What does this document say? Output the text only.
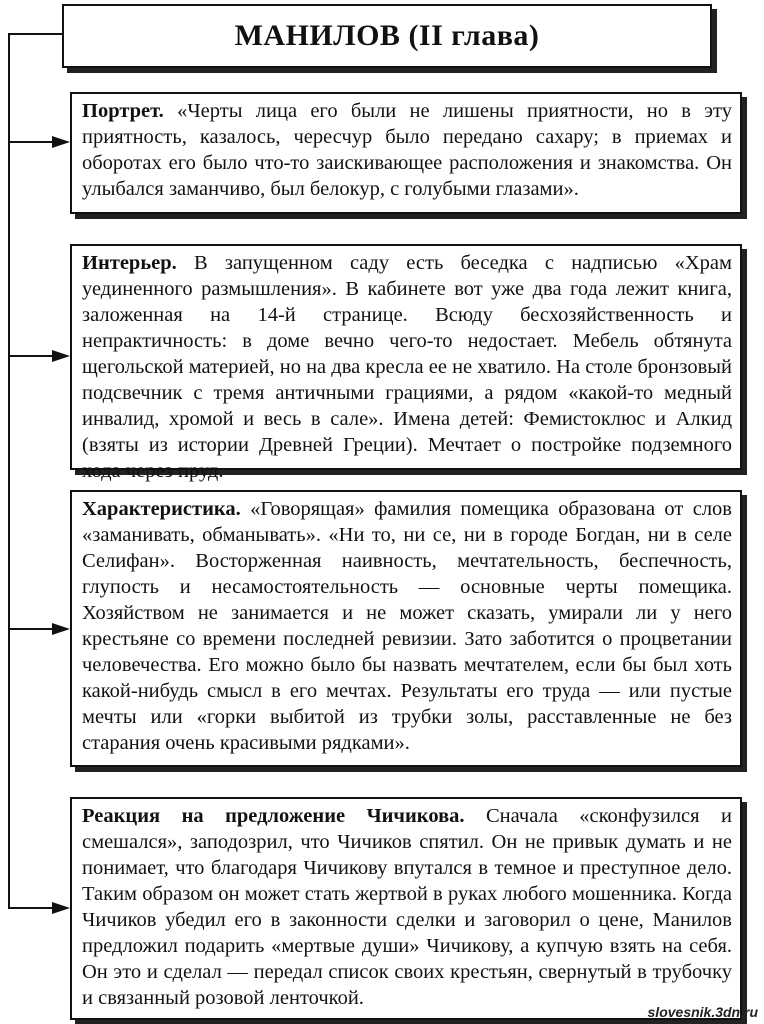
МАНИЛОВ (II глава)
Портрет. «Черты лица его были не лишены приятности, но в эту приятность, казалось, чересчур было передано сахару; в приемах и оборотах его было что-то заискивающее расположения и знакомства. Он улыбался заманчиво, был белокур, с голубыми глазами».
Интерьер. В запущенном саду есть беседка с надписью «Храм уединенного размышления». В кабинете вот уже два года лежит книга, заложенная на 14-й странице. Всюду бесхозяйственность и непрактичность: в доме вечно чего-то недостает. Мебель обтянута щегольской материей, но на два кресла ее не хватило. На столе бронзовый подсвечник с тремя античными грациями, а рядом «какой-то медный инвалид, хромой и весь в сале». Имена детей: Фемистоклюс и Алкид (взяты из истории Древней Греции). Мечтает о постройке подземного хода через пруд.
Характеристика. «Говорящая» фамилия помещика образована от слов «заманивать, обманывать». «Ни то, ни се, ни в городе Богдан, ни в селе Селифан». Восторженная наивность, мечтательность, беспечность, глупость и несамостоятельность — основные черты помещика. Хозяйством не занимается и не может сказать, умирали ли у него крестьяне со времени последней ревизии. Зато заботится о процветании человечества. Его можно было бы назвать мечтателем, если бы был хоть какой-нибудь смысл в его мечтах. Результаты его труда — или пустые мечты или «горки выбитой из трубки золы, расставленные не без старания очень красивыми рядками».
Реакция на предложение Чичикова. Сначала «сконфузился и смешался», заподозрил, что Чичиков спятил. Он не привык думать и не понимает, что благодаря Чичикову впутался в темное и преступное дело. Таким образом он может стать жертвой в руках любого мошенника. Когда Чичиков убедил его в законности сделки и заговорил о цене, Манилов предложил подарить «мертвые души» Чичикову, а купчую взять на себя. Он это и сделал — передал список своих крестьян, свернутый в трубочку и связанный розовой ленточкой.
slovesnik.3dn.ru
